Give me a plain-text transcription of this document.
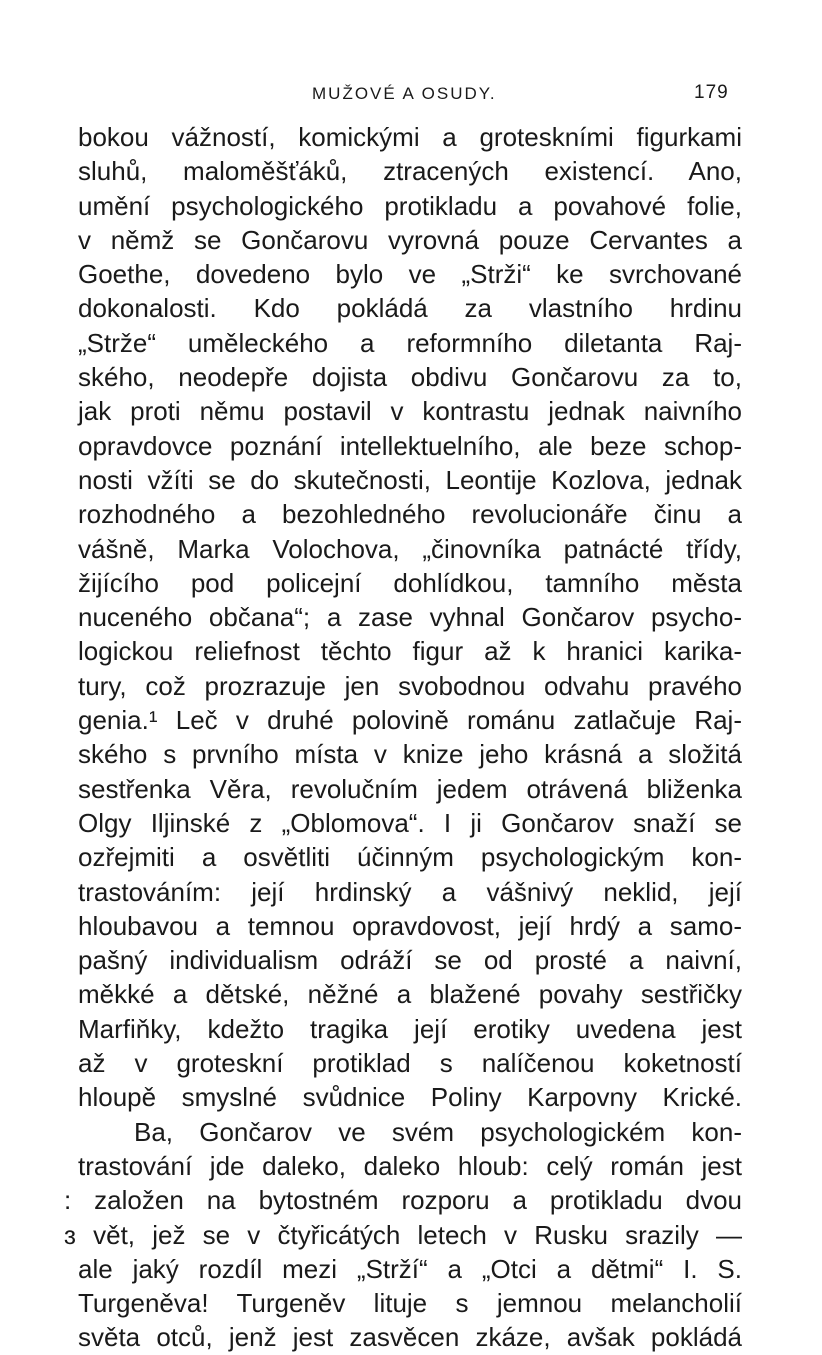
MUŽOVÉ A OSUDY.	179
bokou vážností, komickými a groteskními figurkami
sluhů, maloměšťáků, ztracených existencí. Ano,
umění psychologického protikladu a povahové folie,
v němž se Gončarovu vyrovná pouze Cervantes a
Goethe, dovedeno bylo ve „Strži“ ke svrchované
dokonalosti. Kdo pokládá za vlastního hrdinu
„Strže“ uměleckého a reformního diletanta Raj-
ského, neodepře dojista obdivu Gončarovu za to,
jak proti němu postavil v kontrastu jednak naivního
opravdovce poznání intellektuelního, ale beze schop-
nosti vžíti se do skutečnosti, Leontije Kozlova, jednak
rozhodného a bezohledného revolucionáře činu a
vášně, Marka Volochova, „činovníka patnácté třídy,
žijícího pod policejní dohlídkou, tamního města
nuceného občana“; a zase vyhnal Gončarov psycho-
logickou reliefnost těchto figur až k hranici karika-
tury, což prozrazuje jen svobodnou odvahu pravého
genia.¹ Leč v druhé polovině románu zatlačuje Raj-
ského s prvního místa v knize jeho krásná a složitá
sestřenka Věra, revolučním jedem otrávená bliženka
Olgy Iljinské z „Oblomova“. I ji Gončarov snaží se
ozřejmiti a osvětliti účinným psychologickým kon-
trastováním: její hrdinský a vášnivý neklid, její
hloubavou a temnou opravdovost, její hrdý a samo-
pašný individualism odráží se od prosté a naivní,
měkké a dětské, něžné a blažené povahy sestřičky
Marfiňky, kdežto tragika její erotiky uvedena jest
až v groteskní protiklad s nalíčenou koketností
hloupě smyslné svůdnice Poliny Karpovny Krické.
Ba, Gončarov ve svém psychologickém kon-
trastování jde daleko, daleko hloub: celý román jest
: založen na bytostném rozporu a protikladu dvou
ɜ vět, jež se v čtyřicátých letech v Rusku srazily —
ale jaký rozdíl mezi „Strží“ a „Otci a dětmi“ I. S.
Turgeněva! Turgeněv lituje s jemnou melancholií
světa otců, jenž jest zasvěcen zkáze, avšak pokládá
